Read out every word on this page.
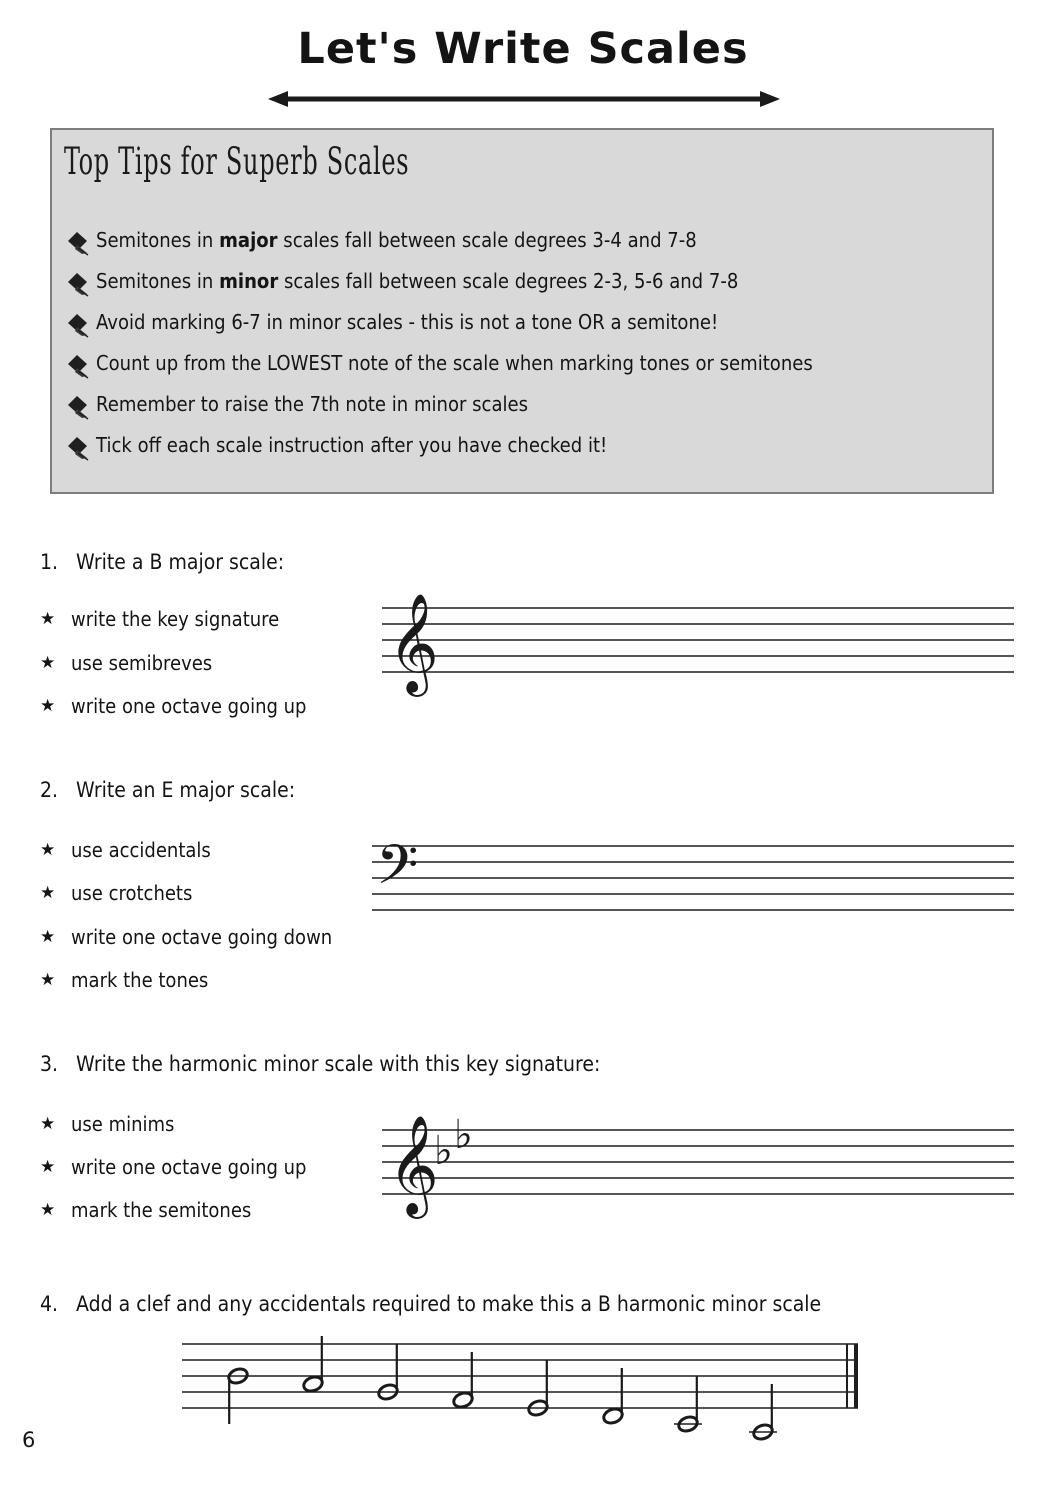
Let's Write Scales
Top Tips for Superb Scales
Semitones in major scales fall between scale degrees 3-4 and 7-8
Semitones in minor scales fall between scale degrees 2-3, 5-6 and 7-8
Avoid marking 6-7 in minor scales - this is not a tone OR a semitone!
Count up from the LOWEST note of the scale when marking tones or semitones
Remember to raise the 7th note in minor scales
Tick off each scale instruction after you have checked it!
1. Write a B major scale:
★ write the key signature
★ use semibreves
★ write one octave going up
𝄞
2. Write an E major scale:
★ use accidentals
★ use crotchets
★ write one octave going down
★ mark the tones
𝄢
3. Write the harmonic minor scale with this key signature:
★ use minims
★ write one octave going up
★ mark the semitones 𝄞
♭ ♭
4. Add a clef and any accidentals required to make this a B harmonic minor scale
6
